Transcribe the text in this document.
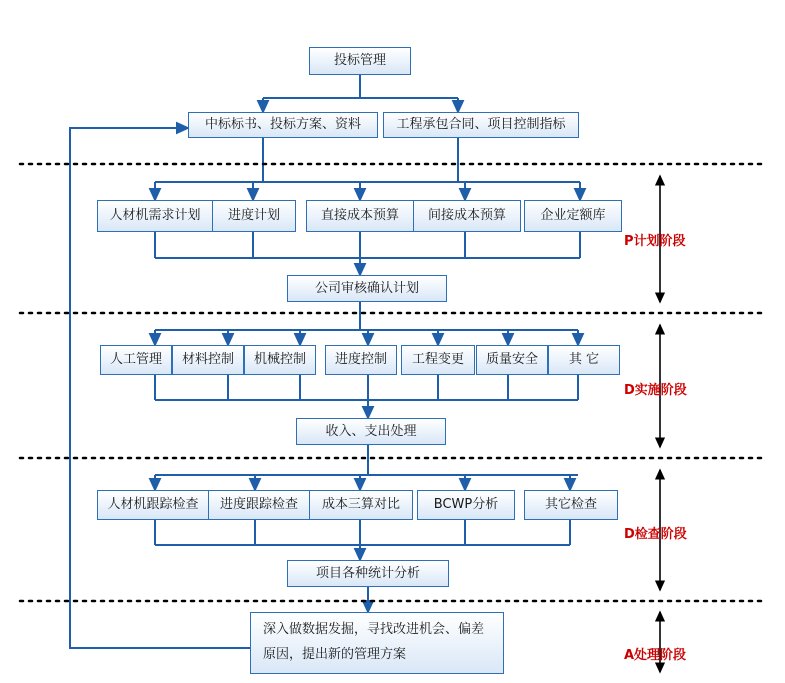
投标管理
中标标书、投标方案、资料	工程承包合同、项目控制指标
人材机需求计划 进度计划	直接成本预算 间接成本预算	企业定额库
公司审核确认计划
人工管理 材料控制 机械控制 进度控制 工程变更 质量安全 其 它
收入、支出处理
人材机跟踪检查 进度跟踪检查 成本三算对比	BCWP分析	其它检查
项目各种统计分析
深入做数据发掘，寻找改进机会、偏差原因，提出新的管理方案
P计划阶段
D实施阶段
D检查阶段
A处理阶段
